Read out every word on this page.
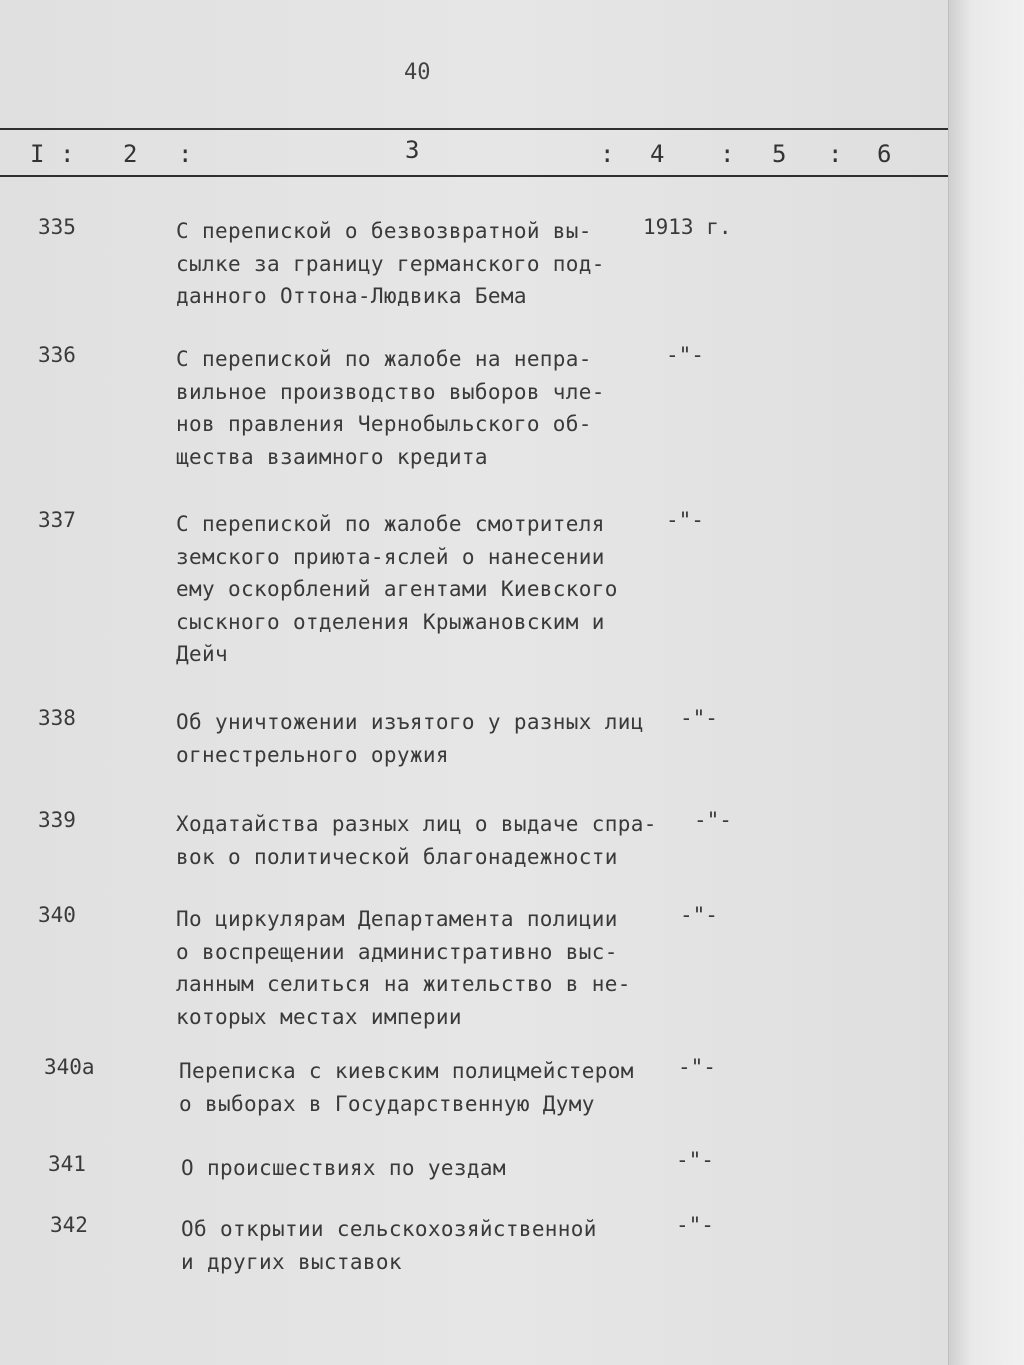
40
I : 2 :	3	: 4 : 5 : 6
335	С перепиской о безвозвратной вы-
сылке за границу германского под-
данного Оттона-Людвика Бема
1913 г.
336	С перепиской по жалобе на непра-
вильное производство выборов чле-
нов правления Чернобыльского об-
щества взаимного кредита
-"-
337	С перепиской по жалобе смотрителя
земского приюта-яслей о нанесении
ему оскорблений агентами Киевского
сыскного отделения Крыжановским и
Дейч
-"-
338	Об уничтожении изъятого у разных лиц
огнестрельного оружия
-"-
339	Ходатайства разных лиц о выдаче спра-
вок о политической благонадежности
-"-
340	По циркулярам Департамента полиции
о воспрещении административно выс-
ланным селиться на жительство в не-
которых местах империи
-"-
340а	Переписка с киевским полицмейстером
о выборах в Государственную Думу
-"-
341	О происшествиях по уездам	-"-
342	Об открытии сельскохозяйственной
и других выставок
-"-
